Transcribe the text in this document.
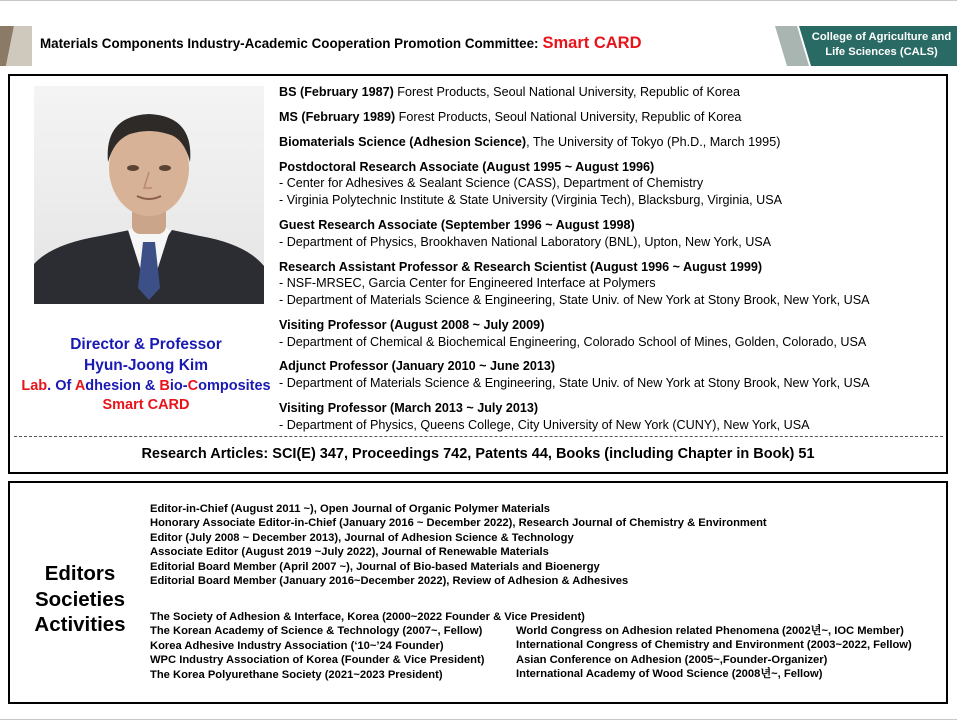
Materials Components Industry-Academic Cooperation Promotion Committee: Smart CARD	College of Agriculture and Life Sciences (CALS)
Director & Professor
Hyun-Joong Kim
Lab. Of Adhesion & Bio-Composites
Smart CARD
BS (February 1987) Forest Products, Seoul National University, Republic of Korea
MS (February 1989) Forest Products, Seoul National University, Republic of Korea
Biomaterials Science (Adhesion Science), The University of Tokyo (Ph.D., March 1995)
Postdoctoral Research Associate (August 1995 ~ August 1996)
- Center for Adhesives & Sealant Science (CASS), Department of Chemistry
- Virginia Polytechnic Institute & State University (Virginia Tech), Blacksburg, Virginia, USA
Guest Research Associate (September 1996 ~ August 1998)
- Department of Physics, Brookhaven National Laboratory (BNL), Upton, New York, USA
Research Assistant Professor & Research Scientist (August 1996 ~ August 1999)
- NSF-MRSEC, Garcia Center for Engineered Interface at Polymers
- Department of Materials Science & Engineering, State Univ. of New York at Stony Brook, New York, USA
Visiting Professor (August 2008 ~ July 2009)
- Department of Chemical & Biochemical Engineering, Colorado School of Mines, Golden, Colorado, USA
Adjunct Professor (January 2010 ~ June 2013)
- Department of Materials Science & Engineering, State Univ. of New York at Stony Brook, New York, USA
Visiting Professor (March 2013 ~ July 2013)
- Department of Physics, Queens College, City University of New York (CUNY), New York, USA
Research Articles: SCI(E) 347, Proceedings 742, Patents 44, Books (including Chapter in Book) 51
Editors
Societies
Activities
Editor-in-Chief (August 2011 ~), Open Journal of Organic Polymer Materials
Honorary Associate Editor-in-Chief (January 2016 ~ December 2022), Research Journal of Chemistry & Environment
Editor (July 2008 ~ December 2013), Journal of Adhesion Science & Technology
Associate Editor (August 2019 ~July 2022), Journal of Renewable Materials
Editorial Board Member (April 2007 ~), Journal of Bio-based Materials and Bioenergy
Editorial Board Member (January 2016~December 2022), Review of Adhesion & Adhesives
The Society of Adhesion & Interface, Korea (2000~2022 Founder & Vice President)
The Korean Academy of Science & Technology (2007~, Fellow)
Korea Adhesive Industry Association (‘10~’24 Founder)
WPC Industry Association of Korea (Founder & Vice President)
The Korea Polyurethane Society (2021~2023 President)
World Congress on Adhesion related Phenomena (2002년~, IOC Member)
International Congress of Chemistry and Environment (2003~2022, Fellow)
Asian Conference on Adhesion (2005~,Founder-Organizer)
International Academy of Wood Science (2008년~, Fellow)
